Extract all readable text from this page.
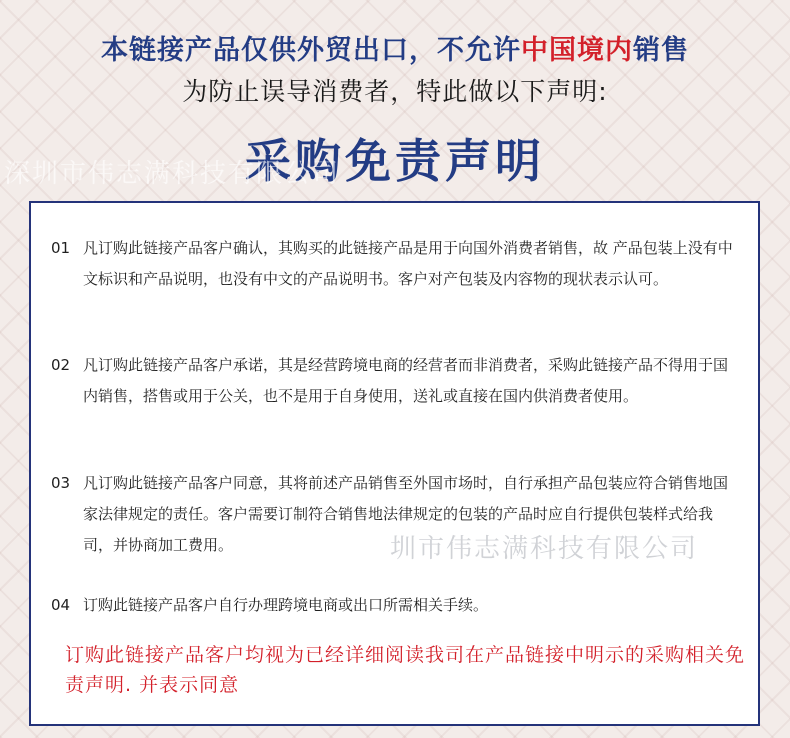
本链接产品仅供外贸出口，不允许中国境内销售
为防止误导消费者，特此做以下声明:
采购免责声明
深圳市伟志满科技有限公司
01 凡订购此链接产品客户确认，其购买的此链接产品是用于向国外消费者销售，故 产品包装上没有中文标识和产品说明，也没有中文的产品说明书。客户对产包装及内容物的现状表示认可。
02 凡订购此链接产品客户承诺，其是经营跨境电商的经营者而非消费者，采购此链接产品不得用于国内销售，搭售或用于公关，也不是用于自身使用，送礼或直接在国内供消费者使用。
03 凡订购此链接产品客户同意，其将前述产品销售至外国市场时，自行承担产品包装应符合销售地国家法律规定的责任。客户需要订制符合销售地法律规定的包装的产品时应自行提供包装样式给我司，并协商加工费用。
04 订购此链接产品客户自行办理跨境电商或出口所需相关手续。
订购此链接产品客户均视为已经详细阅读我司在产品链接中明示的采购相关免责声明. 并表示同意
圳市伟志满科技有限公司
